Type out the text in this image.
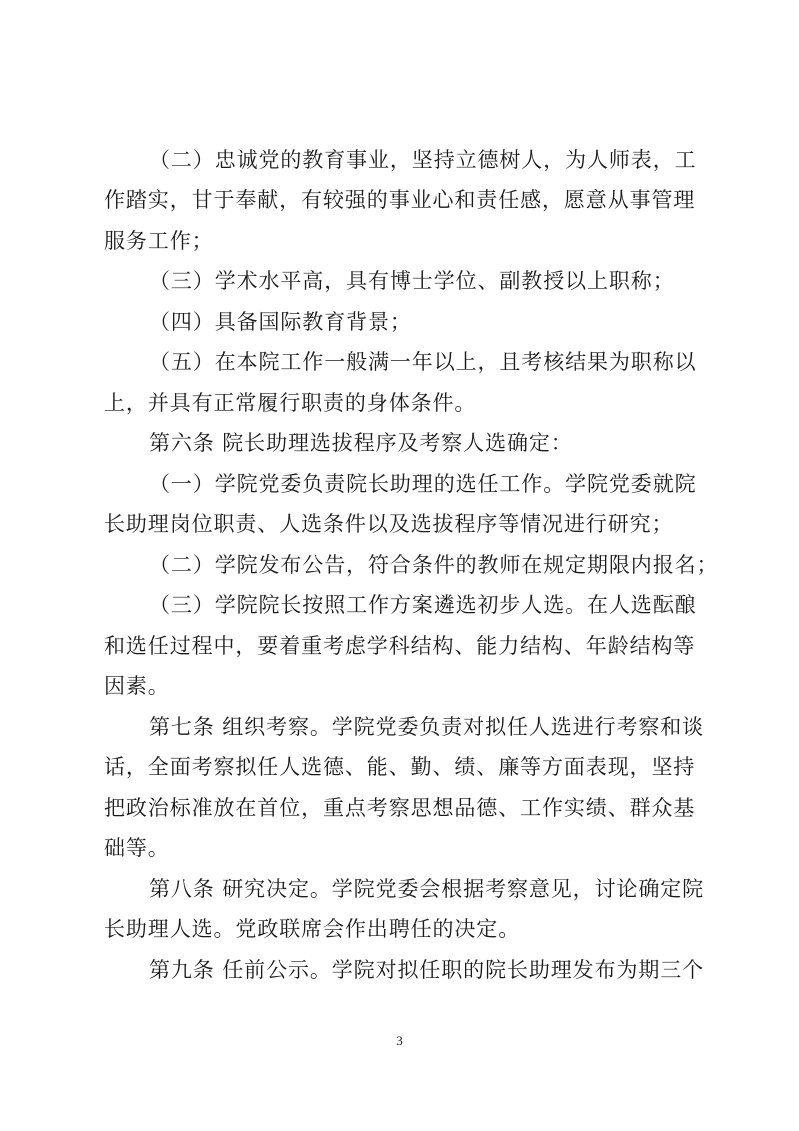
（二）忠诚党的教育事业，坚持立德树人，为人师表，工
作踏实，甘于奉献，有较强的事业心和责任感，愿意从事管理
服务工作；
（三）学术水平高，具有博士学位、副教授以上职称；
（四）具备国际教育背景；
（五）在本院工作一般满一年以上，且考核结果为职称以
上，并具有正常履行职责的身体条件。
第六条 院长助理选拔程序及考察人选确定：
（一）学院党委负责院长助理的选任工作。学院党委就院
长助理岗位职责、人选条件以及选拔程序等情况进行研究；
（二）学院发布公告，符合条件的教师在规定期限内报名；
（三）学院院长按照工作方案遴选初步人选。在人选酝酿
和选任过程中，要着重考虑学科结构、能力结构、年龄结构等
因素。
第七条 组织考察。学院党委负责对拟任人选进行考察和谈
话，全面考察拟任人选德、能、勤、绩、廉等方面表现，坚持
把政治标准放在首位，重点考察思想品德、工作实绩、群众基
础等。
第八条 研究决定。学院党委会根据考察意见，讨论确定院
长助理人选。党政联席会作出聘任的决定。
第九条 任前公示。学院对拟任职的院长助理发布为期三个
3
